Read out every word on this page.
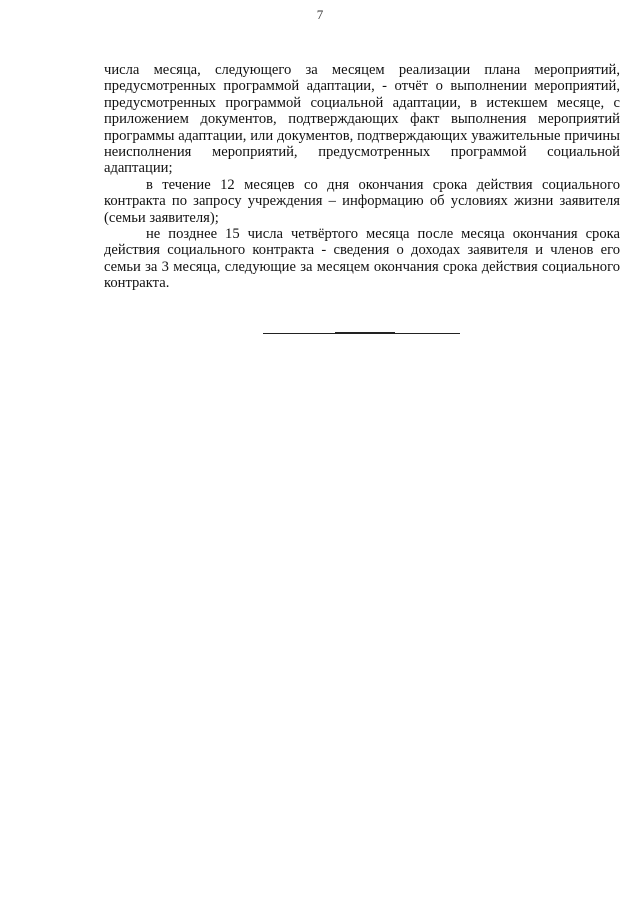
7

числа месяца, следующего за месяцем реализации плана мероприятий, предусмотренных программой адаптации, - отчёт о выполнении мероприятий, предусмотренных программой социальной адаптации, в истекшем месяце, с приложением документов, подтверждающих факт выполнения мероприятий программы адаптации, или документов, подтверждающих уважительные причины неисполнения мероприятий, предусмотренных программой социальной адаптации;

в течение 12 месяцев со дня окончания срока действия социального контракта по запросу учреждения – информацию об условиях жизни заявителя (семьи заявителя);

не позднее 15 числа четвёртого месяца после месяца окончания срока действия социального контракта - сведения о доходах заявителя и членов его семьи за 3 месяца, следующие за месяцем окончания срока действия социального контракта.
